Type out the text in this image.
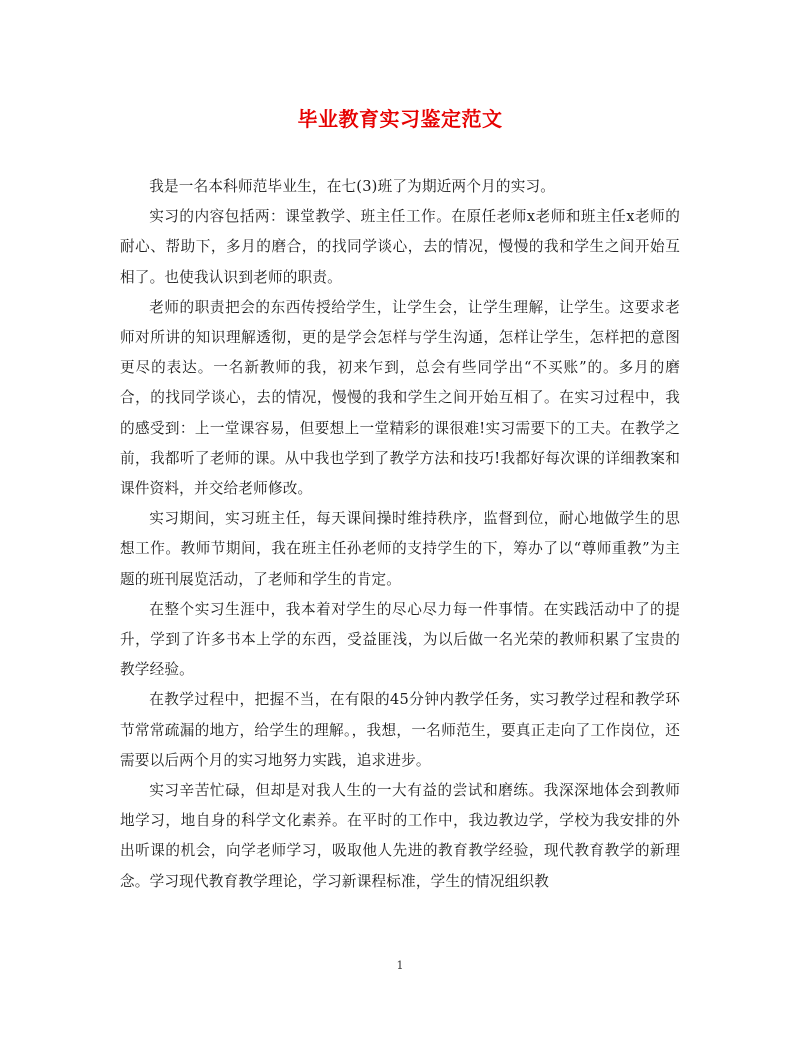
毕业教育实习鉴定范文

我是一名本科师范毕业生，在七(3)班了为期近两个月的实习。

实习的内容包括两：课堂教学、班主任工作。在原任老师x老师和班主任x老师的耐心、帮助下，多月的磨合，的找同学谈心，去的情况，慢慢的我和学生之间开始互相了。也使我认识到老师的职责。

老师的职责把会的东西传授给学生，让学生会，让学生理解，让学生。这要求老师对所讲的知识理解透彻，更的是学会怎样与学生沟通，怎样让学生，怎样把的意图更尽的表达。一名新教师的我，初来乍到，总会有些同学出“不买账”的。多月的磨合，的找同学谈心，去的情况，慢慢的我和学生之间开始互相了。在实习过程中，我的感受到：上一堂课容易，但要想上一堂精彩的课很难!实习需要下的工夫。在教学之前，我都听了老师的课。从中我也学到了教学方法和技巧!我都好每次课的详细教案和课件资料，并交给老师修改。

实习期间，实习班主任，每天课间操时维持秩序，监督到位，耐心地做学生的思想工作。教师节期间，我在班主任孙老师的支持学生的下，筹办了以“尊师重教”为主题的班刊展览活动，了老师和学生的肯定。

在整个实习生涯中，我本着对学生的尽心尽力每一件事情。在实践活动中了的提升，学到了许多书本上学的东西，受益匪浅，为以后做一名光荣的教师积累了宝贵的教学经验。

在教学过程中，把握不当，在有限的45分钟内教学任务，实习教学过程和教学环节常常疏漏的地方，给学生的理解。，我想，一名师范生，要真正走向了工作岗位，还需要以后两个月的实习地努力实践，追求进步。

实习辛苦忙碌，但却是对我人生的一大有益的尝试和磨练。我深深地体会到教师地学习，地自身的科学文化素养。在平时的工作中，我边教边学，学校为我安排的外出听课的机会，向学老师学习，吸取他人先进的教育教学经验，现代教育教学的新理念。学习现代教育教学理论，学习新课程标准，学生的情况组织教

1
